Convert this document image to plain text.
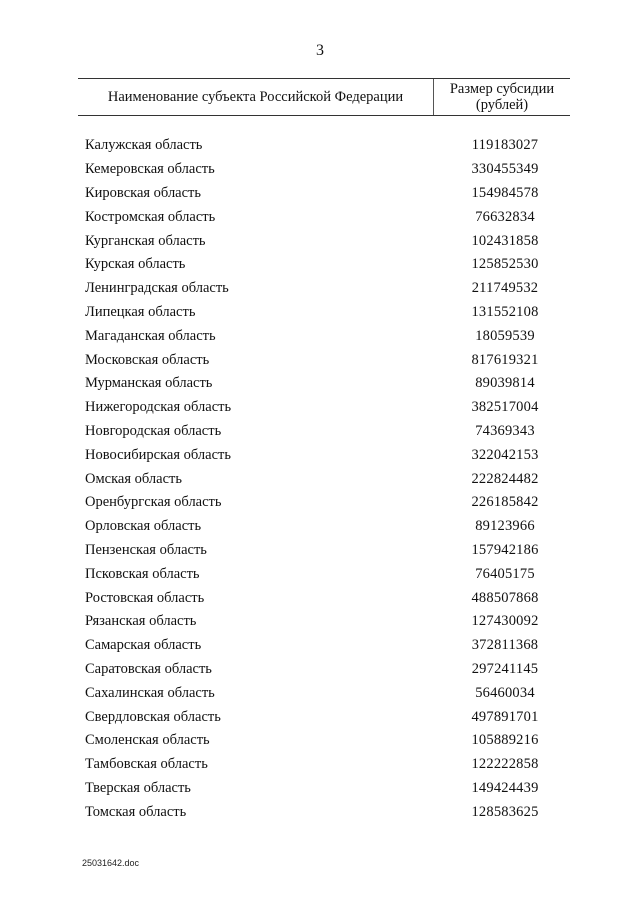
3
Наименование субъекта Российской Федерации	Размер субсидии
(рублей)
Калужская область	119183027
Кемеровская область	330455349
Кировская область	154984578
Костромская область	76632834
Курганская область	102431858
Курская область	125852530
Ленинградская область	211749532
Липецкая область	131552108
Магаданская область	18059539
Московская область	817619321
Мурманская область	89039814
Нижегородская область	382517004
Новгородская область	74369343
Новосибирская область	322042153
Омская область	222824482
Оренбургская область	226185842
Орловская область	89123966
Пензенская область	157942186
Псковская область	76405175
Ростовская область	488507868
Рязанская область	127430092
Самарская область	372811368
Саратовская область	297241145
Сахалинская область	56460034
Свердловская область	497891701
Смоленская область	105889216
Тамбовская область	122222858
Тверская область	149424439
Томская область	128583625
25031642.doc
